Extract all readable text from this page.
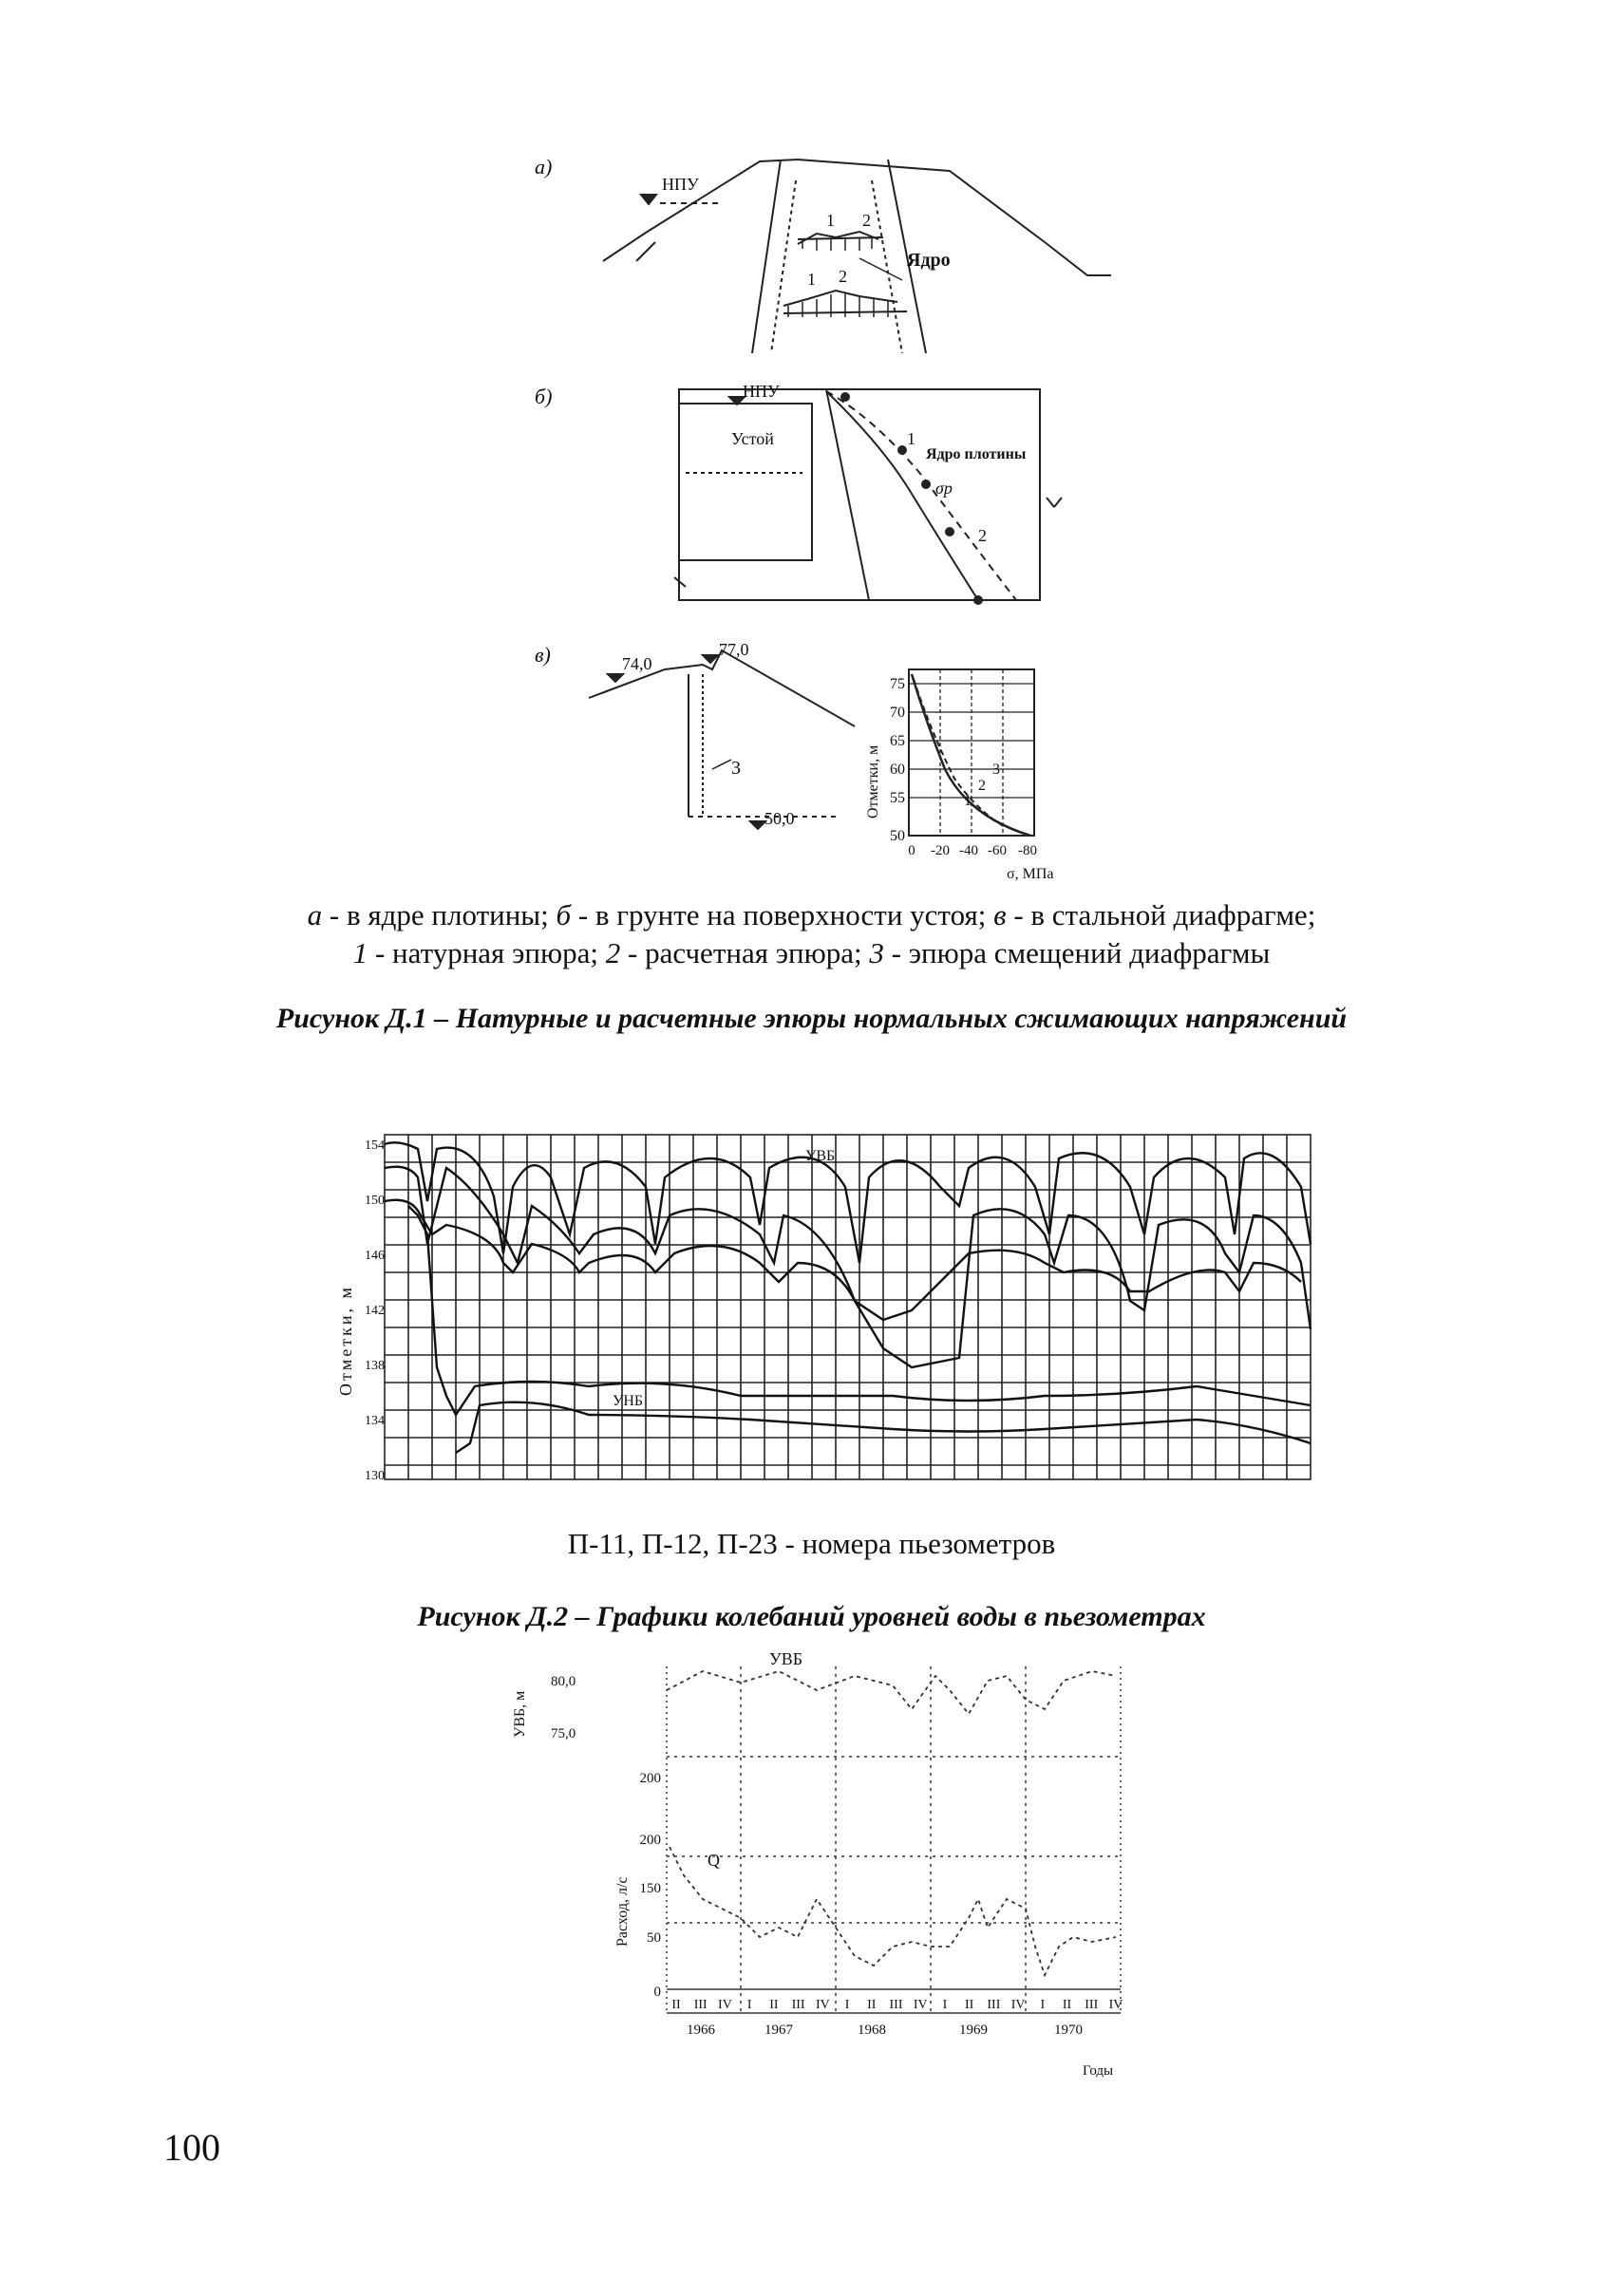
а)
НПУ
Ядро
1 2
1 2
б)	НПУ
Устой
Ядро плотины
σр
1
2
в)	74,0
77,0
50,0
3	Отметки, м
75
70
65
60
55
50
0 -20 -40 -60 -80
σ, МПа
1
2
3
а - в ядре плотины; б - в грунте на поверхности устоя; в - в стальной диафрагме;
1 - натурная эпюра; 2 - расчетная эпюра; 3 - эпюра смещений диафрагмы
Рисунок Д.1 – Натурные и расчетные эпюры нормальных сжимающих напряжений
Отметки, м
154
150
146
142
138
134
130
УВБ
УНБ
П-11, П-12, П-23 - номера пьезометров
Рисунок Д.2 – Графики колебаний уровней воды в пьезометрах
УВБ
УВБ, м
80,0
75,0
Расход, л/с
200
200
150
50
0
Q
II III IV I II III IV I II III IV I II III IV I II III IV
1966	1967	1968	1969	1970
Годы
100
